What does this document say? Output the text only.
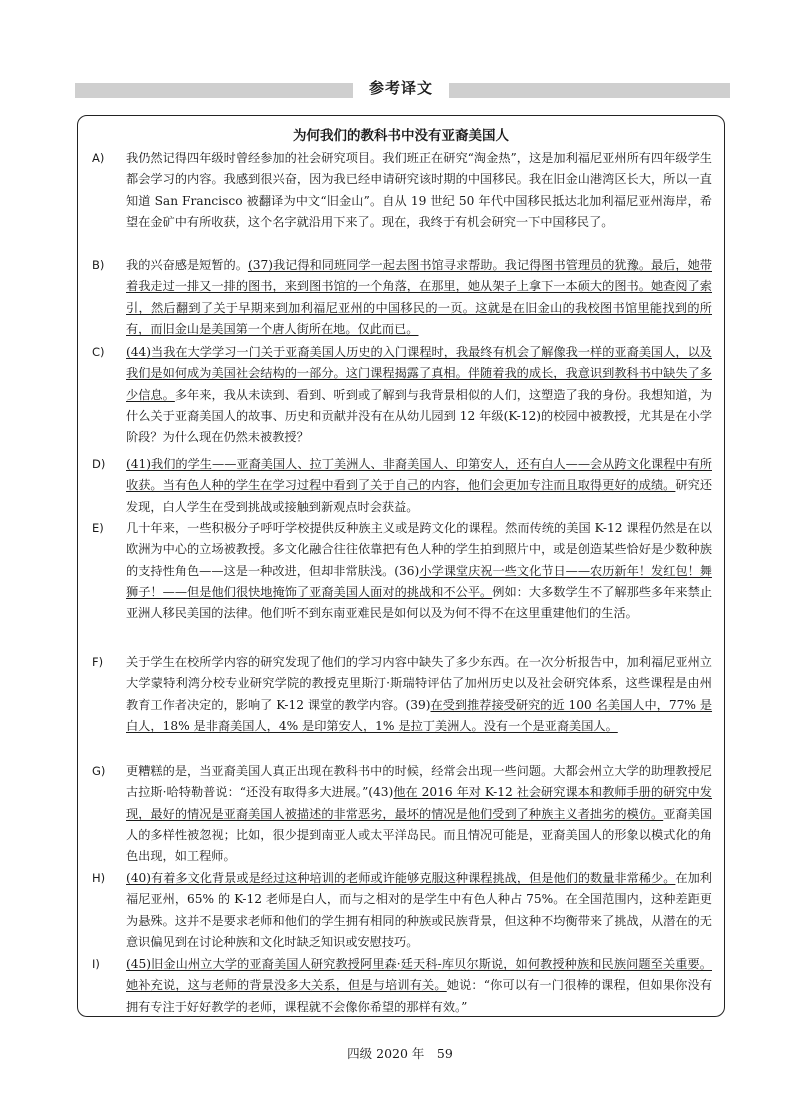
参考译文
为何我们的教科书中没有亚裔美国人
A)	我仍然记得四年级时曾经参加的社会研究项目。我们班正在研究“淘金热”，这是加利福尼亚州所有四年级学生都会学习的内容。我感到很兴奋，因为我已经申请研究该时期的中国移民。我在旧金山港湾区长大，所以一直知道 San Francisco 被翻译为中文“旧金山”。自从 19 世纪 50 年代中国移民抵达北加利福尼亚州海岸，希望在金矿中有所收获，这个名字就沿用下来了。现在，我终于有机会研究一下中国移民了。
B)	我的兴奋感是短暂的。(37)我记得和同班同学一起去图书馆寻求帮助。我记得图书管理员的犹豫。最后，她带着我走过一排又一排的图书，来到图书馆的一个角落，在那里，她从架子上拿下一本硕大的图书。她查阅了索引，然后翻到了关于早期来到加利福尼亚州的中国移民的一页。这就是在旧金山的我校图书馆里能找到的所有，而旧金山是美国第一个唐人街所在地。仅此而已。
C)	(44)当我在大学学习一门关于亚裔美国人历史的入门课程时，我最终有机会了解像我一样的亚裔美国人，以及我们是如何成为美国社会结构的一部分。这门课程揭露了真相。伴随着我的成长，我意识到教科书中缺失了多少信息。多年来，我从未读到、看到、听到或了解到与我背景相似的人们，这塑造了我的身份。我想知道，为什么关于亚裔美国人的故事、历史和贡献并没有在从幼儿园到 12 年级(K-12)的校园中被教授，尤其是在小学阶段？为什么现在仍然未被教授？
D)	(41)我们的学生——亚裔美国人、拉丁美洲人、非裔美国人、印第安人，还有白人——会从跨文化课程中有所收获。当有色人种的学生在学习过程中看到了关于自己的内容，他们会更加专注而且取得更好的成绩。研究还发现，白人学生在受到挑战或接触到新观点时会获益。
E)	几十年来，一些积极分子呼吁学校提供反种族主义或是跨文化的课程。然而传统的美国 K-12 课程仍然是在以欧洲为中心的立场被教授。多文化融合往往依靠把有色人种的学生拍到照片中，或是创造某些恰好是少数种族的支持性角色——这是一种改进，但却非常肤浅。(36)小学课堂庆祝一些文化节日——农历新年！发红包！舞狮子！——但是他们很快地掩饰了亚裔美国人面对的挑战和不公平。例如：大多数学生不了解那些多年来禁止亚洲人移民美国的法律。他们听不到东南亚难民是如何以及为何不得不在这里重建他们的生活。
F)	关于学生在校所学内容的研究发现了他们的学习内容中缺失了多少东西。在一次分析报告中，加利福尼亚州立大学蒙特利湾分校专业研究学院的教授克里斯汀·斯瑞特评估了加州历史以及社会研究体系，这些课程是由州教育工作者决定的，影响了 K-12 课堂的教学内容。(39)在受到推荐接受研究的近 100 名美国人中，77% 是白人，18% 是非裔美国人，4% 是印第安人，1% 是拉丁美洲人。没有一个是亚裔美国人。
G)	更糟糕的是，当亚裔美国人真正出现在教科书中的时候，经常会出现一些问题。大都会州立大学的助理教授尼古拉斯·哈特勒普说：“还没有取得多大进展。”(43)他在 2016 年对 K-12 社会研究课本和教师手册的研究中发现，最好的情况是亚裔美国人被描述的非常恶劣，最坏的情况是他们受到了种族主义者拙劣的模仿。亚裔美国人的多样性被忽视；比如，很少提到南亚人或太平洋岛民。而且情况可能是，亚裔美国人的形象以模式化的角色出现，如工程师。
H)	(40)有着多文化背景或是经过这种培训的老师或许能够克服这种课程挑战，但是他们的数量非常稀少。在加利福尼亚州，65% 的 K-12 老师是白人，而与之相对的是学生中有色人种占 75%。在全国范围内，这种差距更为悬殊。这并不是要求老师和他们的学生拥有相同的种族或民族背景，但这种不均衡带来了挑战，从潜在的无意识偏见到在讨论种族和文化时缺乏知识或安慰技巧。
I)	(45)旧金山州立大学的亚裔美国人研究教授阿里森·廷天科-库贝尔斯说，如何教授种族和民族问题至关重要。她补充说，这与老师的背景没多大关系，但是与培训有关。她说：“你可以有一门很棒的课程，但如果你没有拥有专注于好好教学的老师，课程就不会像你希望的那样有效。”
四级 2020 年　59
